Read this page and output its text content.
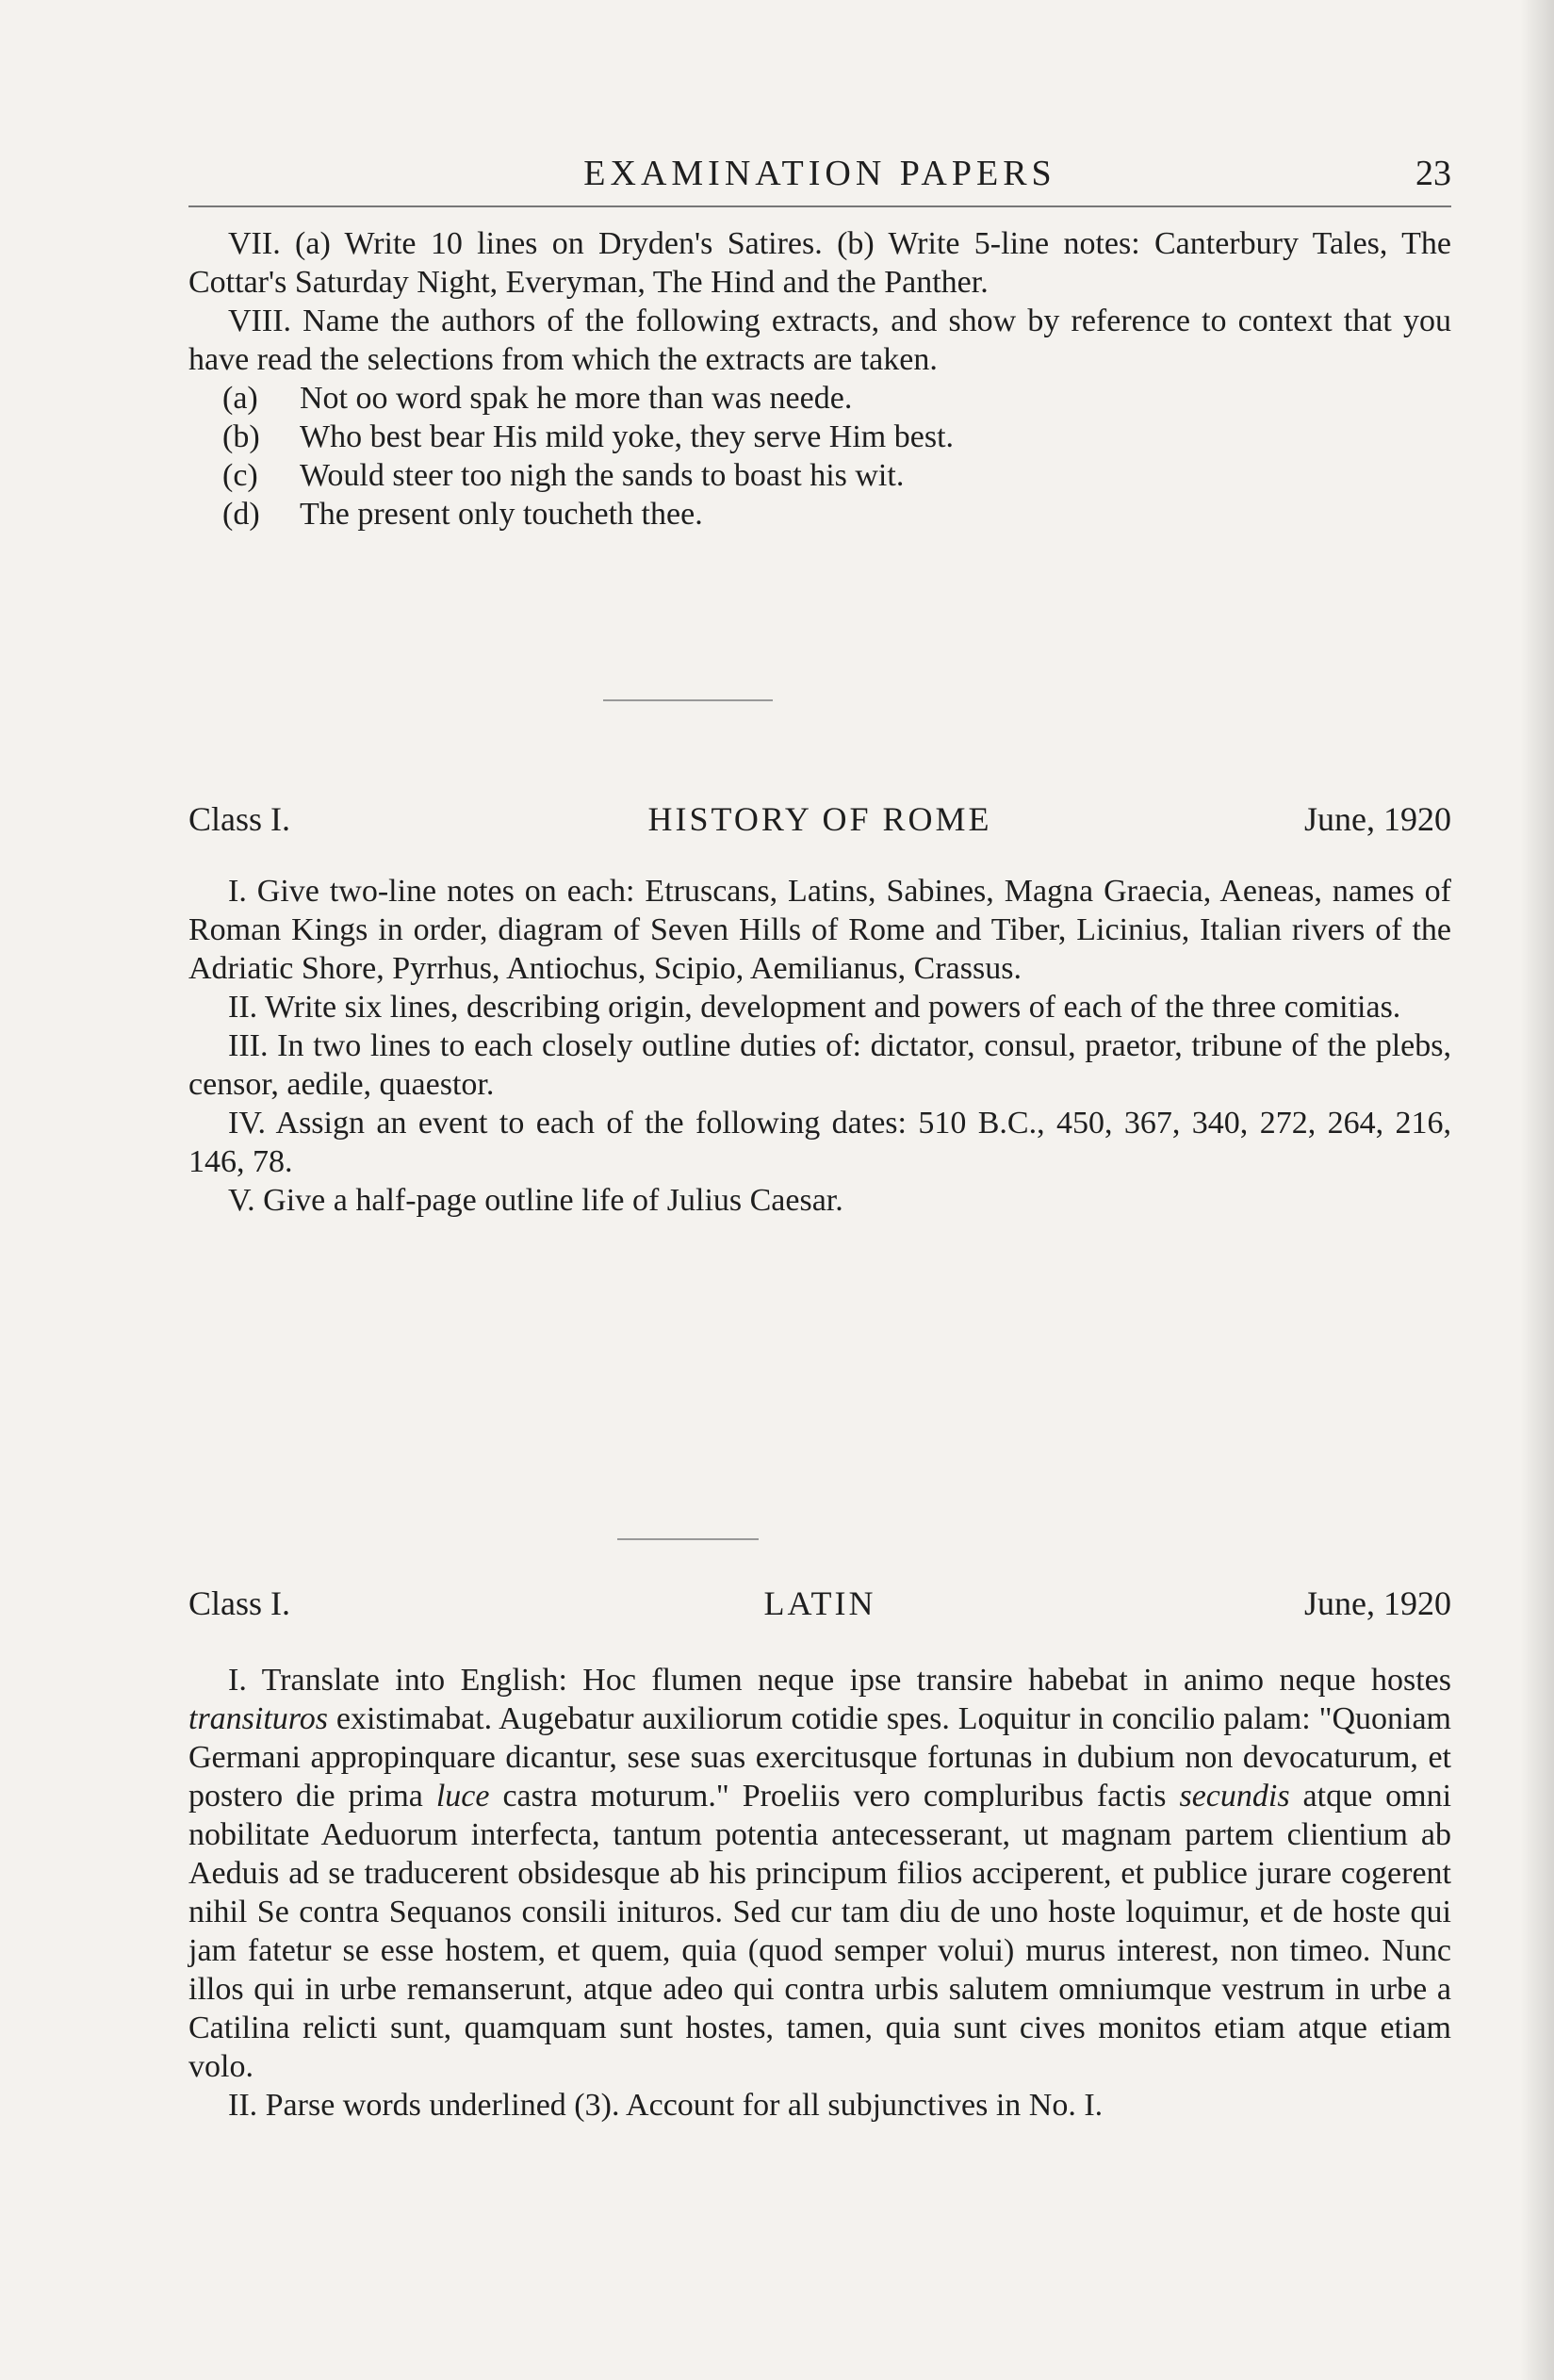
EXAMINATION PAPERS	23

VII. (a) Write 10 lines on Dryden's Satires. (b) Write 5-line notes: Canterbury Tales, The Cottar's Saturday Night, Everyman, The Hind and the Panther.

VIII. Name the authors of the following extracts, and show by reference to context that you have read the selections from which the extracts are taken.

(a)	Not oo word spak he more than was neede.
(b)	Who best bear His mild yoke, they serve Him best.
(c)	Would steer too nigh the sands to boast his wit.
(d)	The present only toucheth thee.
Class I.	HISTORY OF ROME	June, 1920

I. Give two-line notes on each: Etruscans, Latins, Sabines, Magna Graecia, Aeneas, names of Roman Kings in order, diagram of Seven Hills of Rome and Tiber, Licinius, Italian rivers of the Adriatic Shore, Pyrrhus, Antiochus, Scipio, Aemilianus, Crassus.

II. Write six lines, describing origin, development and powers of each of the three comitias.

III. In two lines to each closely outline duties of: dictator, consul, praetor, tribune of the plebs, censor, aedile, quaestor.

IV. Assign an event to each of the following dates: 510 B.C., 450, 367, 340, 272, 264, 216, 146, 78.

V. Give a half-page outline life of Julius Caesar.

Class I.	LATIN	June, 1920

I. Translate into English: Hoc flumen neque ipse transire habebat in animo neque hostes transituros existimabat. Augebatur auxiliorum cotidie spes. Loquitur in concilio palam: "Quoniam Germani appropinquare dicantur, sese suas exercitusque fortunas in dubium non devocaturum, et postero die prima luce castra moturum." Proeliis vero compluribus factis secundis atque omni nobilitate Aeduorum interfecta, tantum potentia antecesserant, ut magnam partem clientium ab Aeduis ad se traducerent obsidesque ab his principum filios acciperent, et publice jurare cogerent nihil Se contra Sequanos consili inituros. Sed cur tam diu de uno hoste loquimur, et de hoste qui jam fatetur se esse hostem, et quem, quia (quod semper volui) murus interest, non timeo. Nunc illos qui in urbe remanserunt, atque adeo qui contra urbis salutem omniumque vestrum in urbe a Catilina relicti sunt, quamquam sunt hostes, tamen, quia sunt cives monitos etiam atque etiam volo.

II. Parse words underlined (3). Account for all subjunctives in No. I.
